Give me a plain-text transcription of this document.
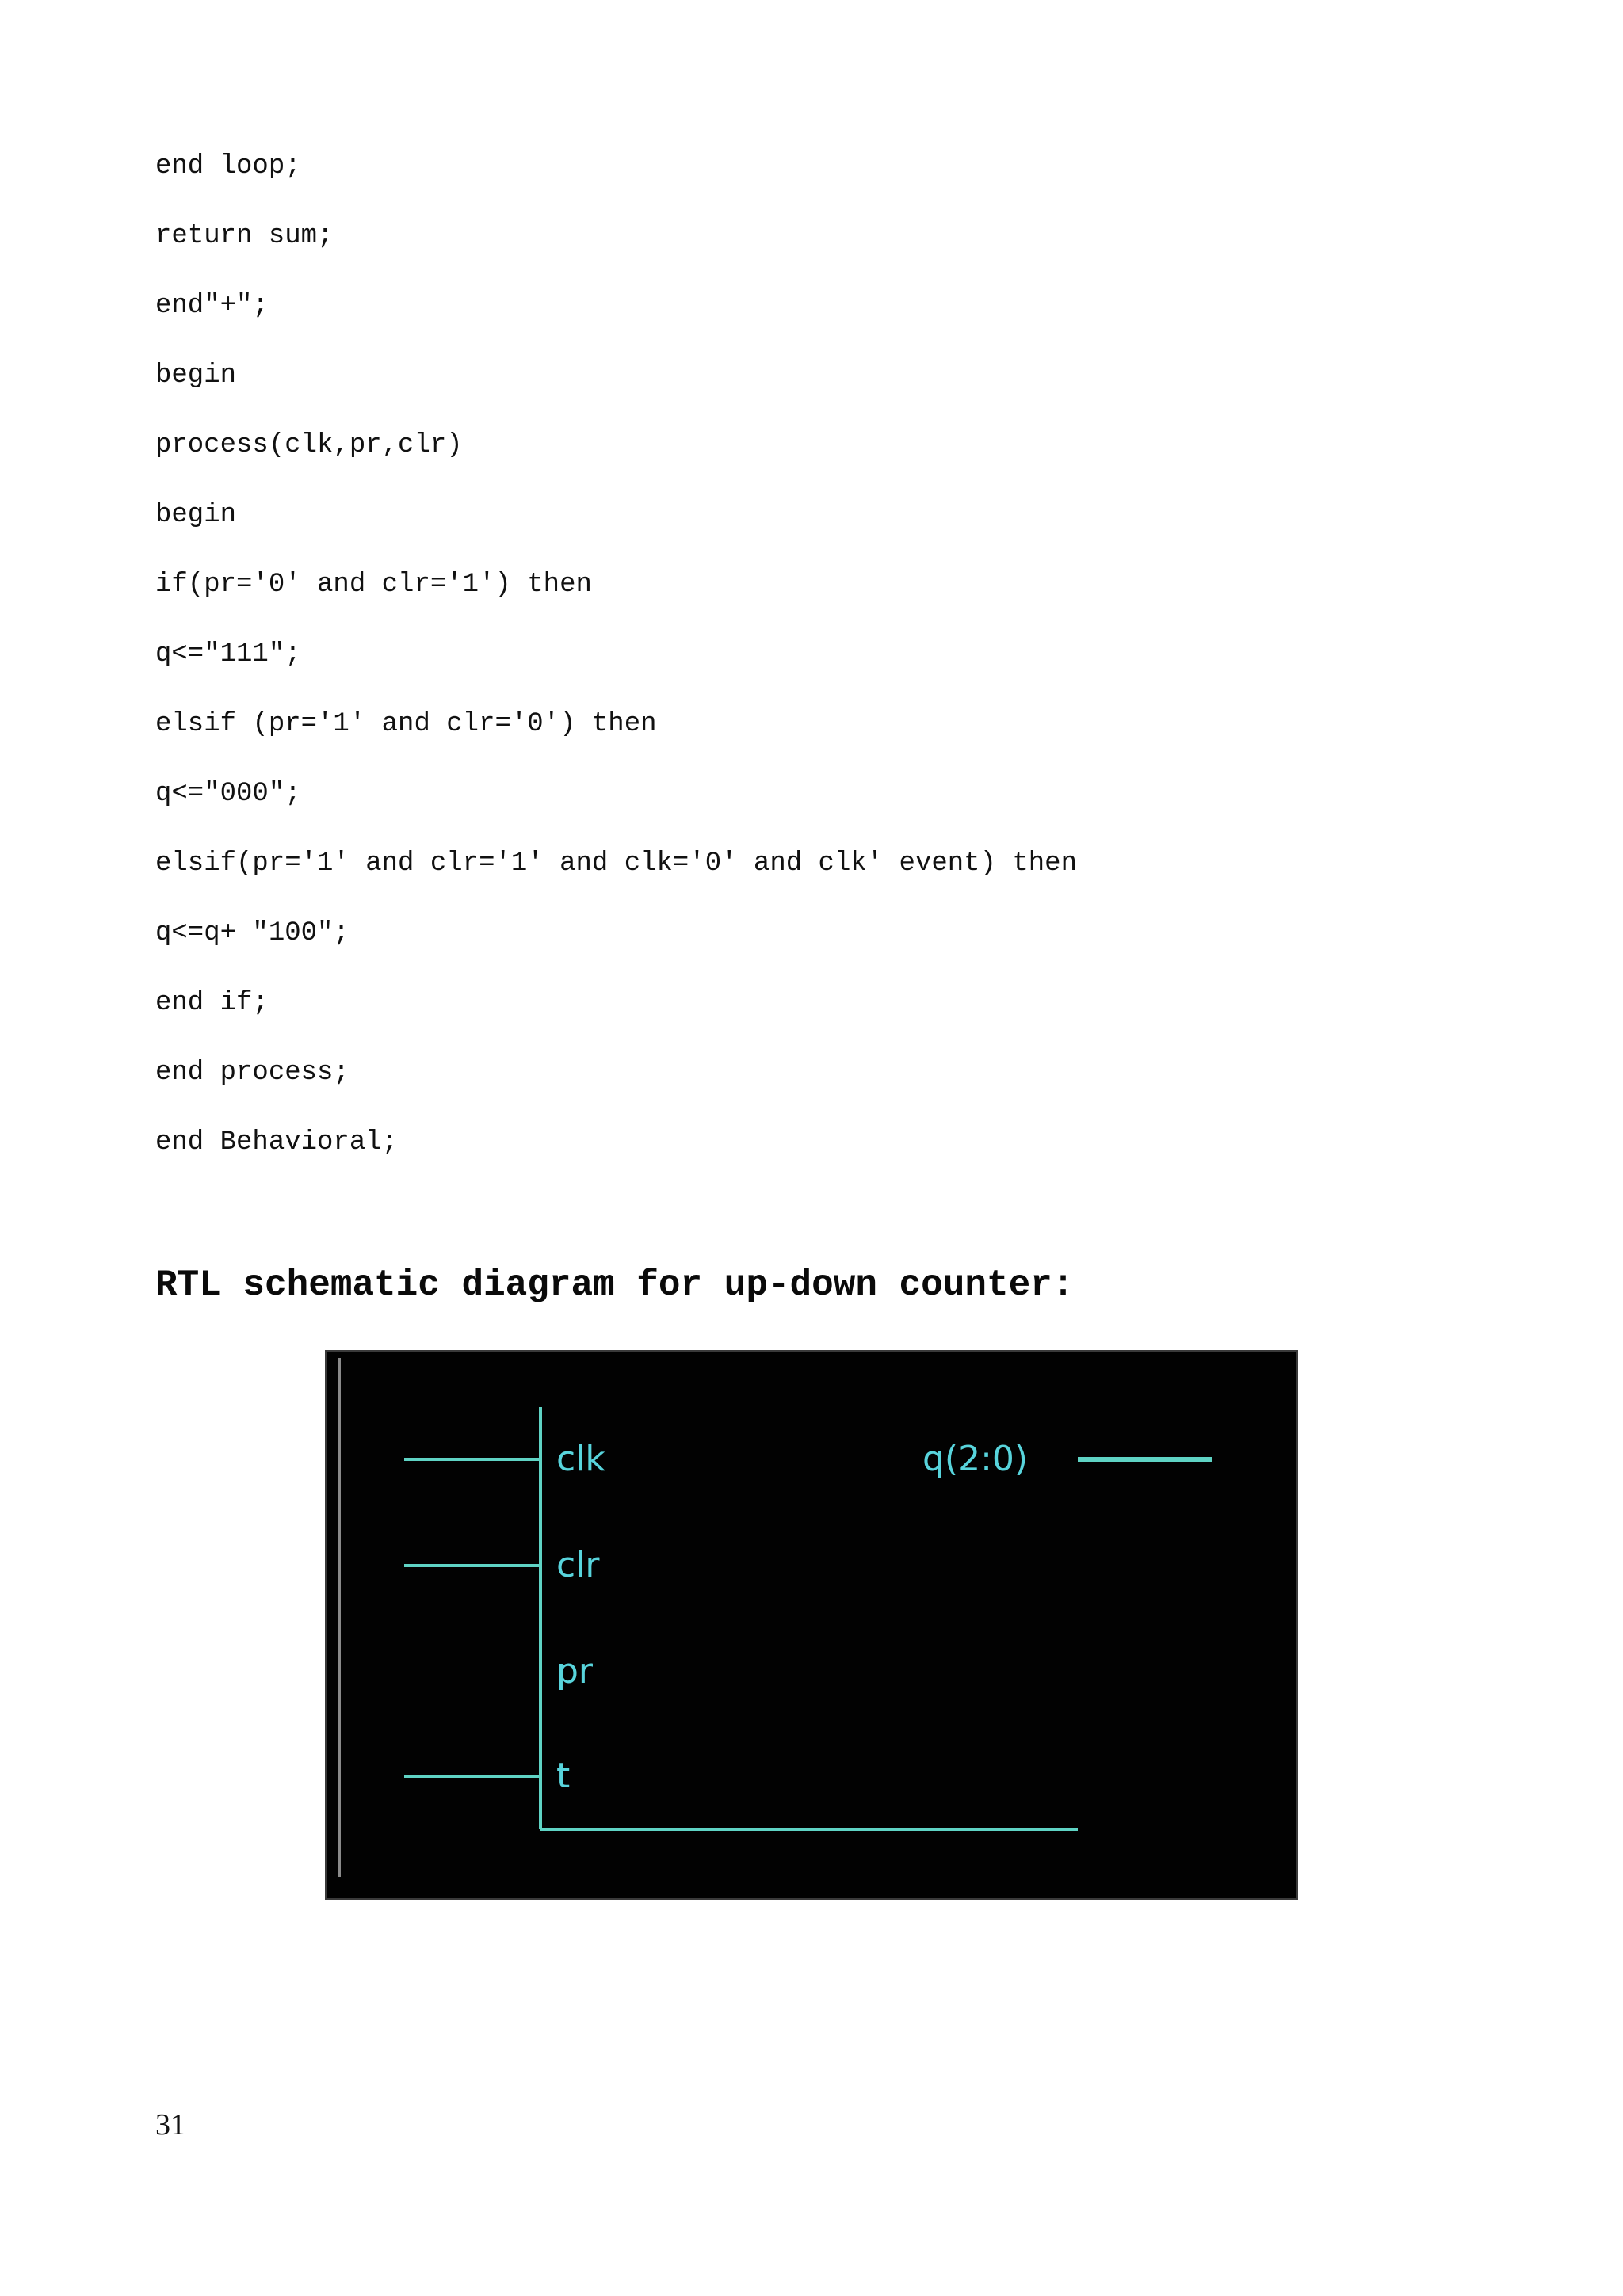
end loop;
return sum;
end"+";
begin
process(clk,pr,clr)
begin
if(pr='0' and clr='1') then
q<="111";
elsif (pr='1' and clr='0') then
q<="000";
elsif(pr='1' and clr='1' and clk='0' and clk' event) then
q<=q+ "100";
end if;
end process;
end Behavioral;
RTL schematic diagram for up-down counter:
clk
clr
pr
t
q(2:0)
31
